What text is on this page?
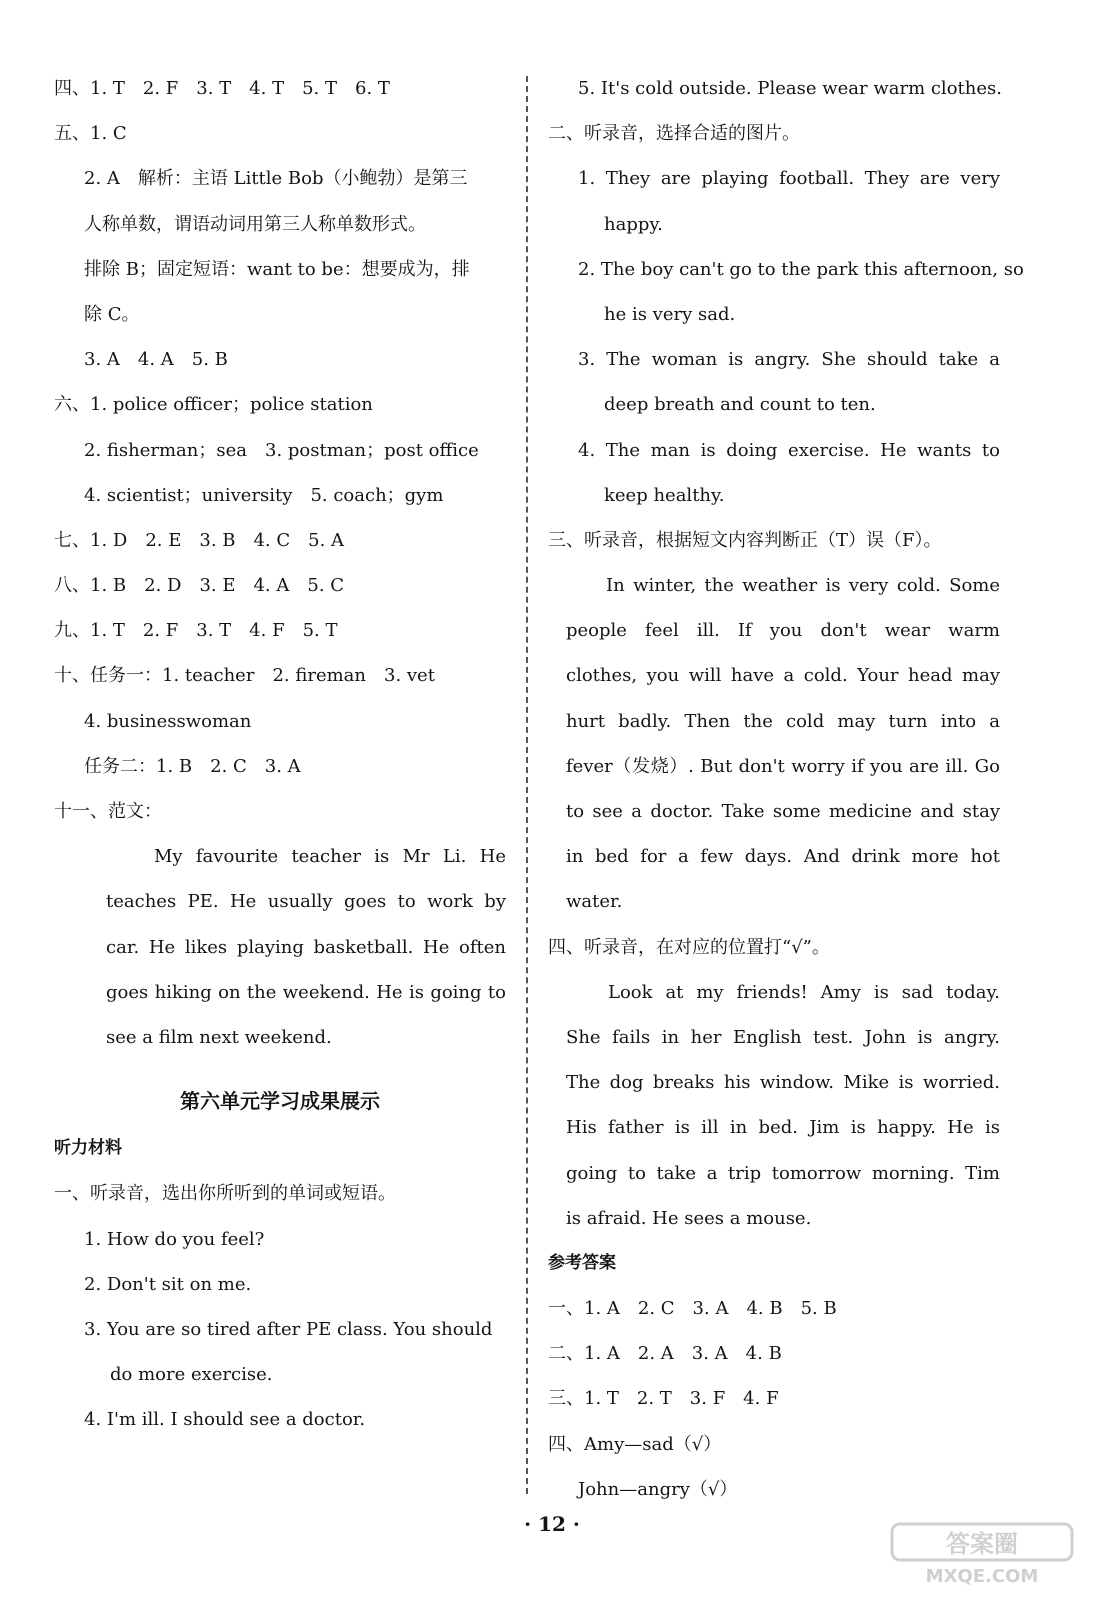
四、1. T　2. F　3. T　4. T　5. T　6. T
五、1. C
2. A　解析：主语 Little Bob（小鲍勃）是第三
人称单数，谓语动词用第三人称单数形式。
排除 B；固定短语：want to be：想要成为，排
除 C。
3. A　4. A　5. B
六、1. police officer；police station
2. fisherman；sea　3. postman；post office
4. scientist；university　5. coach；gym
七、1. D　2. E　3. B　4. C　5. A
八、1. B　2. D　3. E　4. A　5. C
九、1. T　2. F　3. T　4. F　5. T
十、任务一：1. teacher　2. fireman　3. vet
4. businesswoman
任务二：1. B　2. C　3. A
十一、范文：
My favourite teacher is Mr Li. He
teaches PE. He usually goes to work by
car. He likes playing basketball. He often
goes hiking on the weekend. He is going to
see a film next weekend.
第六单元学习成果展示
听力材料
一、听录音，选出你所听到的单词或短语。
1. How do you feel?
2. Don't sit on me.
3. You are so tired after PE class. You should
do more exercise.
4. I'm ill. I should see a doctor.
5. It's cold outside. Please wear warm clothes.
二、听录音，选择合适的图片。
1. They are playing football. They are very
happy.
2. The boy can't go to the park this afternoon, so
he is very sad.
3. The woman is angry. She should take a
deep breath and count to ten.
4. The man is doing exercise. He wants to
keep healthy.
三、听录音，根据短文内容判断正（T）误（F）。
In winter, the weather is very cold. Some
people feel ill. If you don't wear warm
clothes, you will have a cold. Your head may
hurt badly. Then the cold may turn into a
fever（发烧）. But don't worry if you are ill. Go
to see a doctor. Take some medicine and stay
in bed for a few days. And drink more hot
water.
四、听录音，在对应的位置打“√”。
Look at my friends! Amy is sad today.
She fails in her English test. John is angry.
The dog breaks his window. Mike is worried.
His father is ill in bed. Jim is happy. He is
going to take a trip tomorrow morning. Tim
is afraid. He sees a mouse.
参考答案
一、1. A　2. C　3. A　4. B　5. B
二、1. A　2. A　3. A　4. B
三、1. T　2. T　3. F　4. F
四、Amy—sad（√）
John—angry（√）
· 12 ·
答案圈
MXQE.COM
